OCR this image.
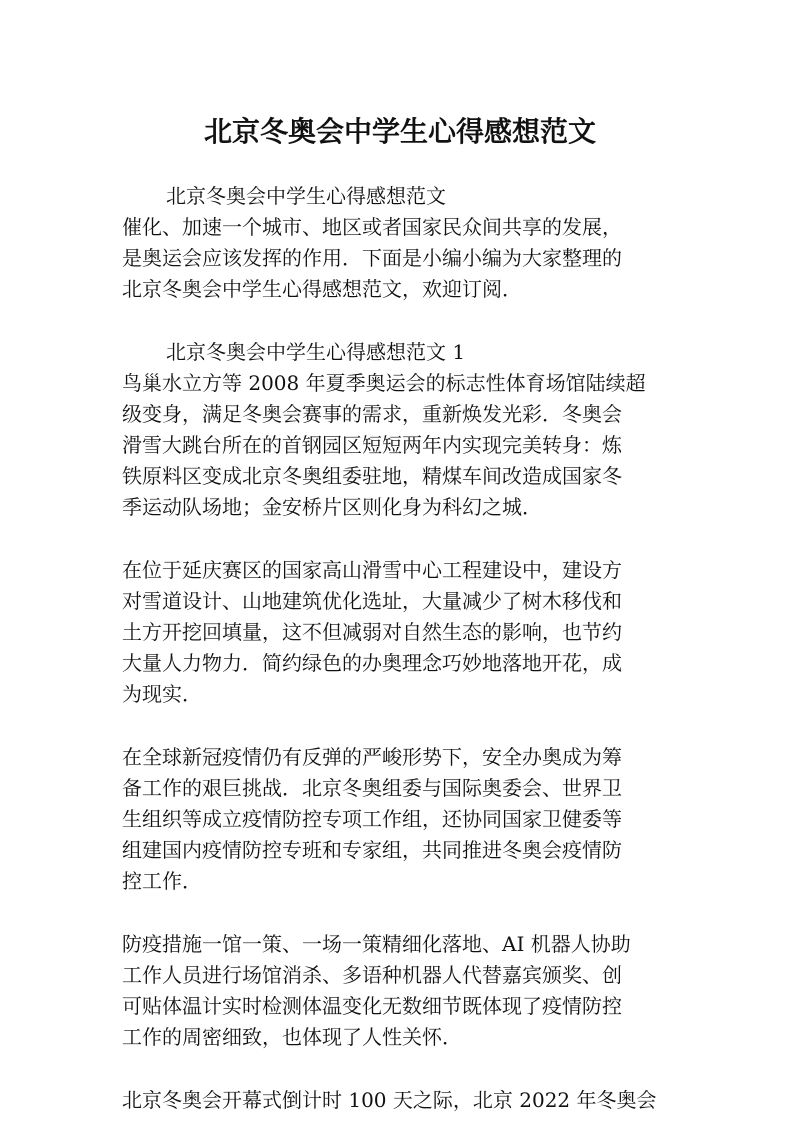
北京冬奥会中学生心得感想范文
北京冬奥会中学生心得感想范文
催化、加速一个城市、地区或者国家民众间共享的发展，
是奥运会应该发挥的作用．下面是小编小编为大家整理的
北京冬奥会中学生心得感想范文，欢迎订阅．
北京冬奥会中学生心得感想范文 1
鸟巢水立方等 2008 年夏季奥运会的标志性体育场馆陆续超
级变身，满足冬奥会赛事的需求，重新焕发光彩．冬奥会
滑雪大跳台所在的首钢园区短短两年内实现完美转身：炼
铁原料区变成北京冬奥组委驻地，精煤车间改造成国家冬
季运动队场地；金安桥片区则化身为科幻之城．
在位于延庆赛区的国家高山滑雪中心工程建设中，建设方
对雪道设计、山地建筑优化选址，大量减少了树木移伐和
土方开挖回填量，这不但减弱对自然生态的影响，也节约
大量人力物力．简约绿色的办奥理念巧妙地落地开花，成
为现实．
在全球新冠疫情仍有反弹的严峻形势下，安全办奥成为筹
备工作的艰巨挑战．北京冬奥组委与国际奥委会、世界卫
生组织等成立疫情防控专项工作组，还协同国家卫健委等
组建国内疫情防控专班和专家组，共同推进冬奥会疫情防
控工作．
防疫措施一馆一策、一场一策精细化落地、AI 机器人协助
工作人员进行场馆消杀、多语种机器人代替嘉宾颁奖、创
可贴体温计实时检测体温变化无数细节既体现了疫情防控
工作的周密细致，也体现了人性关怀．
北京冬奥会开幕式倒计时 100 天之际，北京 2022 年冬奥会
